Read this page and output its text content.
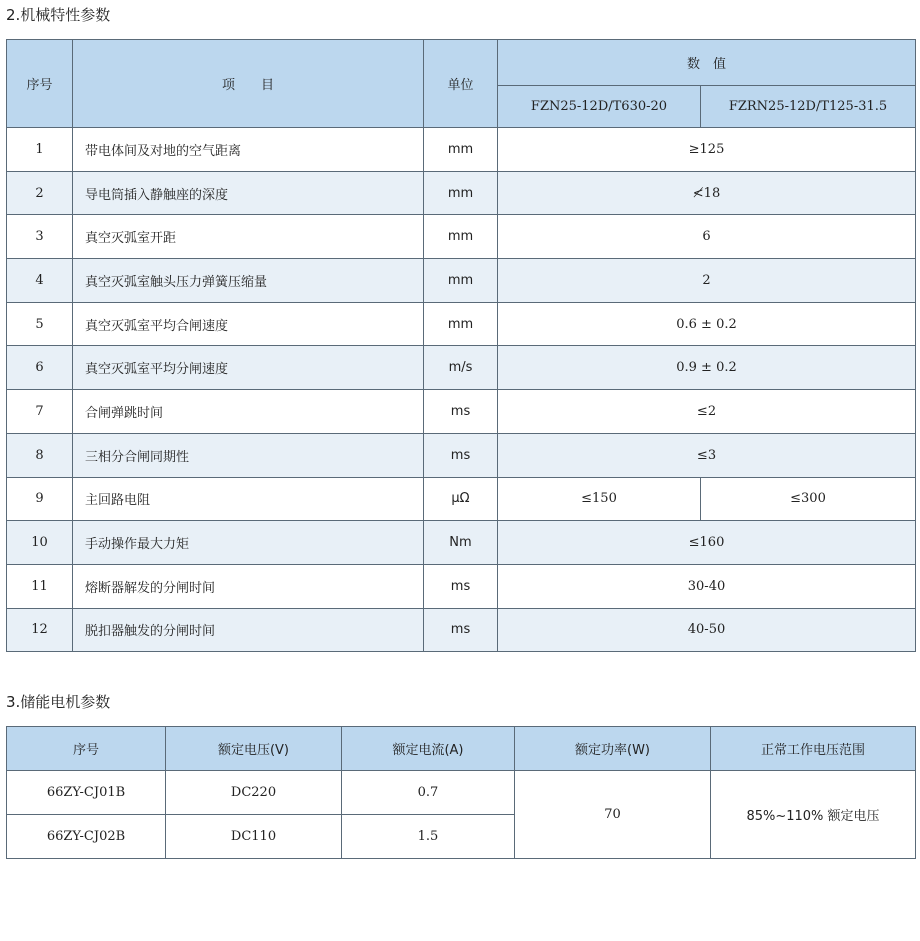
2.机械特性参数
序号	项　　目	单位	数　值	
			FZN25-12D/T630-20	FZRN25-12D/T125-31.5
1	带电体间及对地的空气距离	mm	≥125	
2	导电筒插入静触座的深度	mm	≮18	
3	真空灭弧室开距	mm	6	
4	真空灭弧室触头压力弹簧压缩量	mm	2	
5	真空灭弧室平均合闸速度	mm	0.6 ± 0.2	
6	真空灭弧室平均分闸速度	m/s	0.9 ± 0.2	
7	合闸弹跳时间	ms	≤2	
8	三相分合闸同期性	ms	≤3	
9	主回路电阻	μΩ	≤150	≤300
10	手动操作最大力矩	Nm	≤160	
11	熔断器解发的分闸时间	ms	30-40	
12	脱扣器触发的分闸时间	ms	40-50	
3.储能电机参数
序号	额定电压(V)	额定电流(A)	额定功率(W)	正常工作电压范围
66ZY-CJ01B	DC220	0.7	70	85%~110% 额定电压
66ZY-CJ02B	DC110	1.5		
